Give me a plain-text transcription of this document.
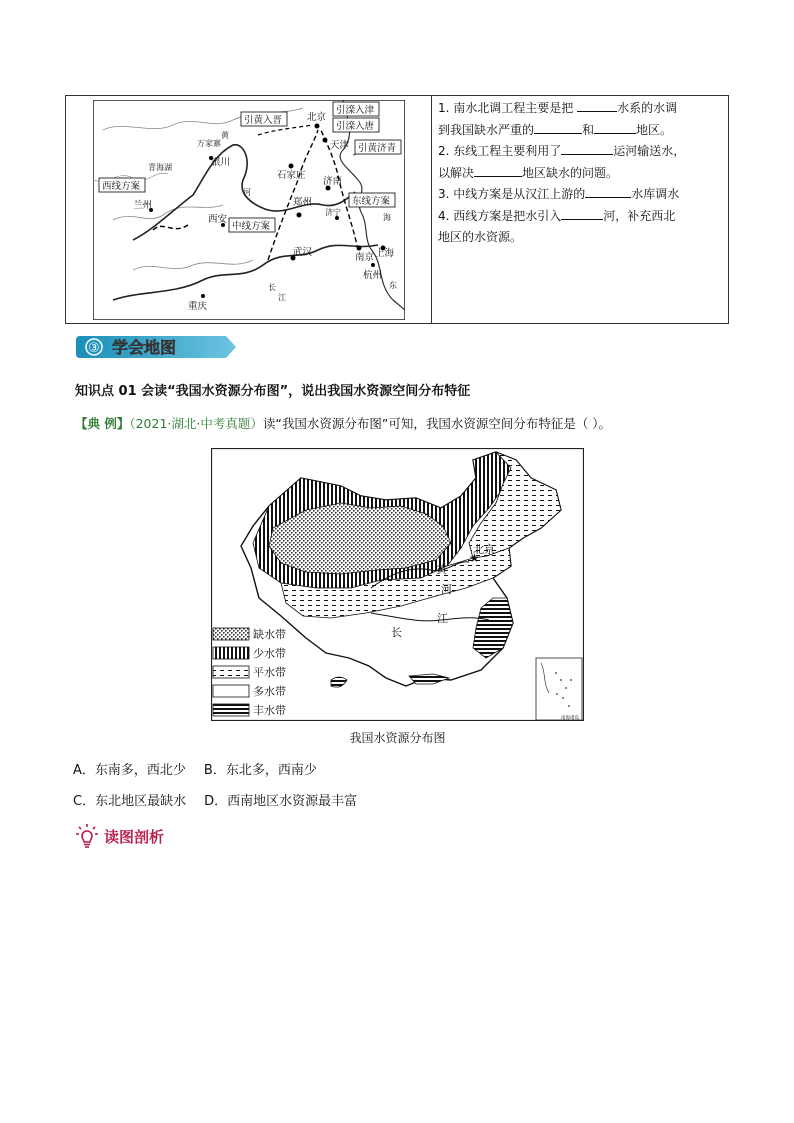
引黄入晋	北京
引滦入津
引滦入唐
天津 引黄济青
万家寨
银川
石家庄
济南
西线方案
兰州	郑州	东线方案
西安
中线方案
济宁
南京 上海
武汉
杭州
重庆
黄
河
长
江
青海湖
海
东

1. 南水北调工程主要是把	水系的水调

到我国缺水严重的	和	地区。

2. 东线工程主要利用了	运河输送水，

以解决	地区缺水的问题。

3. 中线方案是从汉江上游的	水库调水

4. 西线方案是把水引入	河，补充西北

地区的水资源。

③ 学会地图
知识点 01 会读“我国水资源分布图”，说出我国水资源空间分布特征
【典 例】（2021·湖北·中考真题）读“我国水资源分布图”可知，我国水资源空间分布特征是（ ）。
★
北京
黄
河
长
江
南海诸岛
缺水带
少水带
平水带
多水带
丰水带
我国水资源分布图
A．东南多，西北少 B．东北多，西南少
C．东北地区最缺水 D．西南地区水资源最丰富
读图剖析
